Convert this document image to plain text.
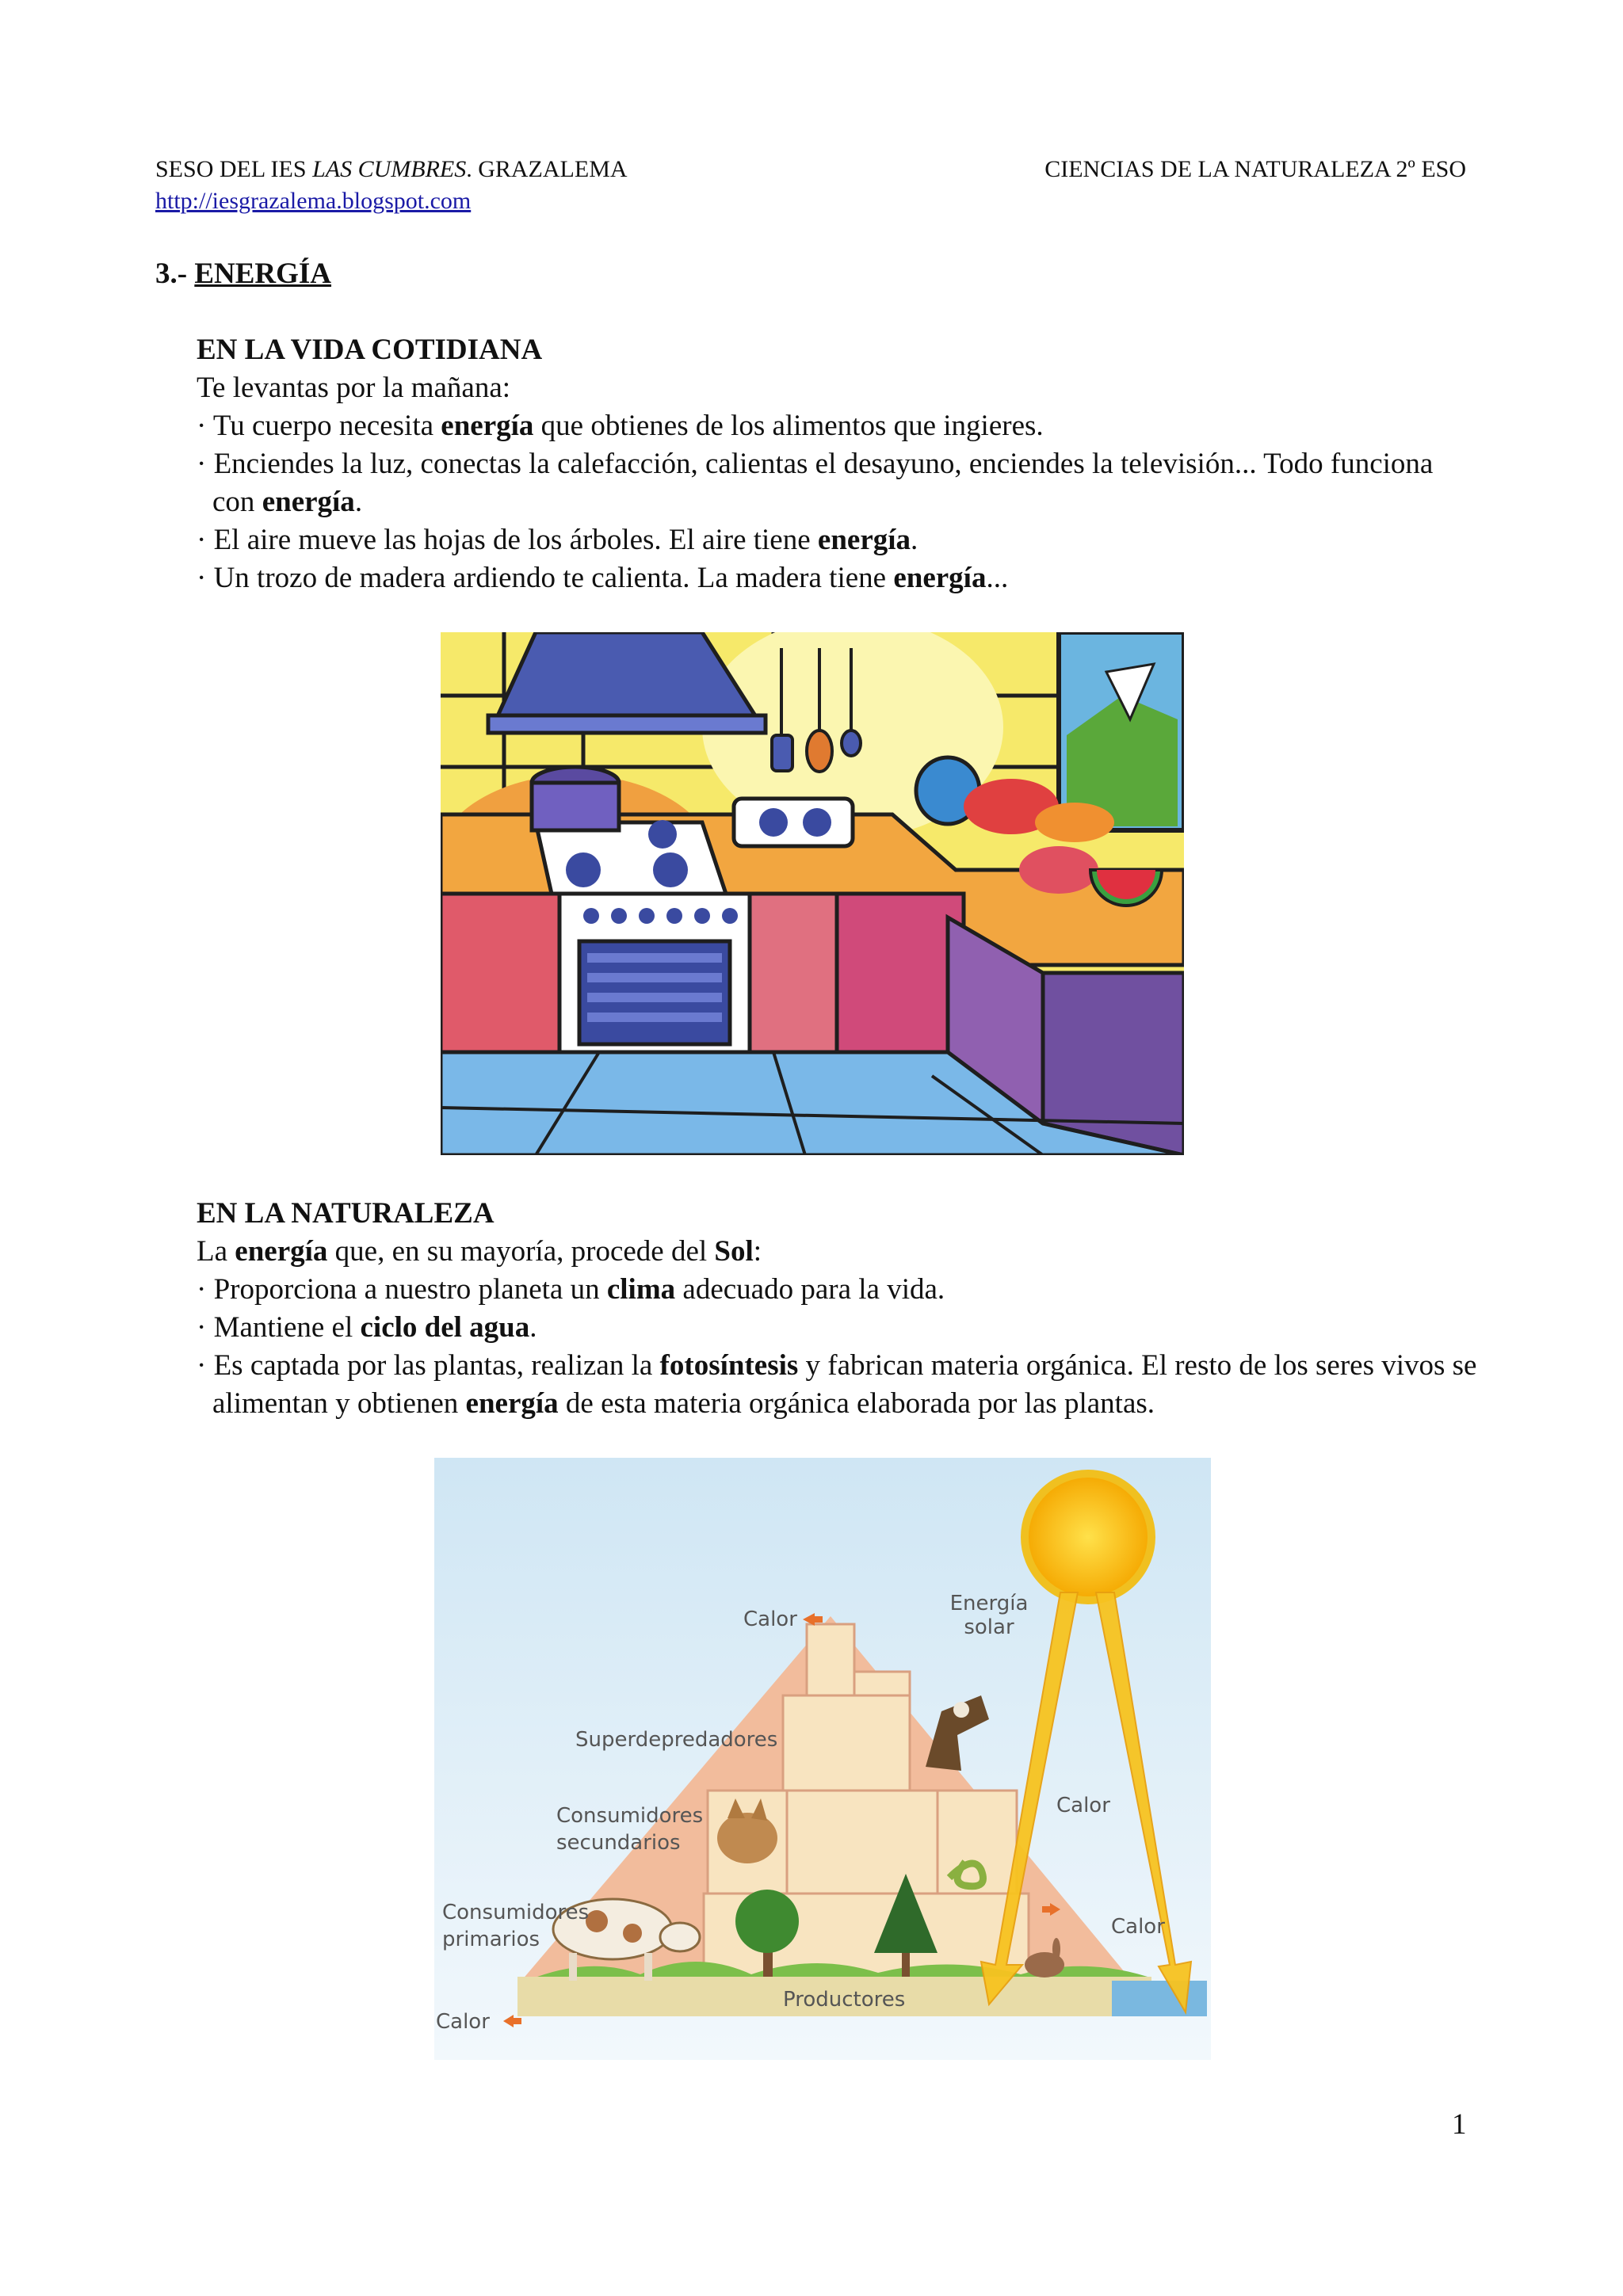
SESO DEL IES LAS CUMBRES. GRAZALEMA	CIENCIAS DE LA NATURALEZA 2º ESO
http://iesgrazalema.blogspot.com
3.- ENERGÍA
EN LA VIDA COTIDIANA

Te levantas por la mañana:

· Tu cuerpo necesita energía que obtienes de los alimentos que ingieres.

· Enciendes la luz, conectas la calefacción, calientas el desayuno, enciendes la televisión... Todo funciona con energía.

· El aire mueve las hojas de los árboles. El aire tiene energía.

· Un trozo de madera ardiendo te calienta. La madera tiene energía...

EN LA NATURALEZA

La energía que, en su mayoría, procede del Sol:

· Proporciona a nuestro planeta un clima adecuado para la vida.

· Mantiene el ciclo del agua.

· Es captada por las plantas, realizan la fotosíntesis y fabrican materia orgánica. El resto de los seres vivos se alimentan y obtienen energía de esta materia orgánica elaborada por las plantas.

Energía
solar
Calor
Superdepredadores
Calor
Consumidores
secundarios
Consumidores
primarios
Calor
Calor
Productores
1
